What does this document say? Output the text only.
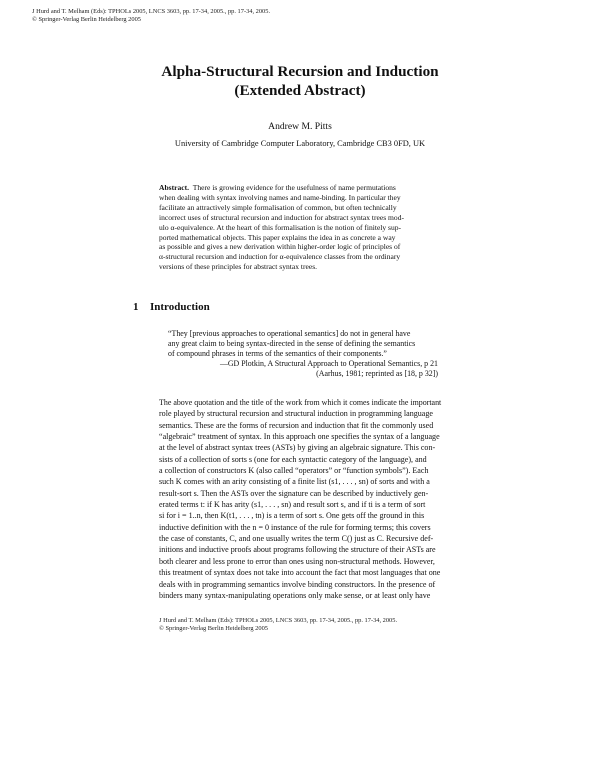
J Hurd and T. Melham (Eds): TPHOLs 2005, LNCS 3603, pp. 17-34, 2005., pp. 17-34, 2005.
© Springer-Verlag Berlin Heidelberg 2005
Alpha-Structural Recursion and Induction
(Extended Abstract)
Andrew M. Pitts
University of Cambridge Computer Laboratory, Cambridge CB3 0FD, UK
Abstract. There is growing evidence for the usefulness of name permutations
when dealing with syntax involving names and name-binding. In particular they
facilitate an attractively simple formalisation of common, but often technically
incorrect uses of structural recursion and induction for abstract syntax trees mod-
ulo α-equivalence. At the heart of this formalisation is the notion of finitely sup-
ported mathematical objects. This paper explains the idea in as concrete a way
as possible and gives a new derivation within higher-order logic of principles of
α-structural recursion and induction for α-equivalence classes from the ordinary
versions of these principles for abstract syntax trees.
1 Introduction
“They [previous approaches to operational semantics] do not in general have
any great claim to being syntax-directed in the sense of defining the semantics
of compound phrases in terms of the semantics of their components.”
—GD Plotkin, A Structural Approach to Operational Semantics, p 21
(Aarhus, 1981; reprinted as [18, p 32])
The above quotation and the title of the work from which it comes indicate the important
role played by structural recursion and structural induction in programming language
semantics. These are the forms of recursion and induction that fit the commonly used
“algebraic” treatment of syntax. In this approach one specifies the syntax of a language
at the level of abstract syntax trees (ASTs) by giving an algebraic signature. This con-
sists of a collection of sorts s (one for each syntactic category of the language), and
a collection of constructors K (also called “operators” or “function symbols”). Each
such K comes with an arity consisting of a finite list (s1, . . . , sn) of sorts and with a
result-sort s. Then the ASTs over the signature can be described by inductively gen-
erated terms t: if K has arity (s1, . . . , sn) and result sort s, and if ti is a term of sort
si for i = 1..n, then K(t1, . . . , tn) is a term of sort s. One gets off the ground in this
inductive definition with the n = 0 instance of the rule for forming terms; this covers
the case of constants, C, and one usually writes the term C() just as C. Recursive def-
initions and inductive proofs about programs following the structure of their ASTs are
both clearer and less prone to error than ones using non-structural methods. However,
this treatment of syntax does not take into account the fact that most languages that one
deals with in programming semantics involve binding constructors. In the presence of
binders many syntax-manipulating operations only make sense, or at least only have
J Hurd and T. Melham (Eds): TPHOLs 2005, LNCS 3603, pp. 17-34, 2005., pp. 17-34, 2005.
© Springer-Verlag Berlin Heidelberg 2005
